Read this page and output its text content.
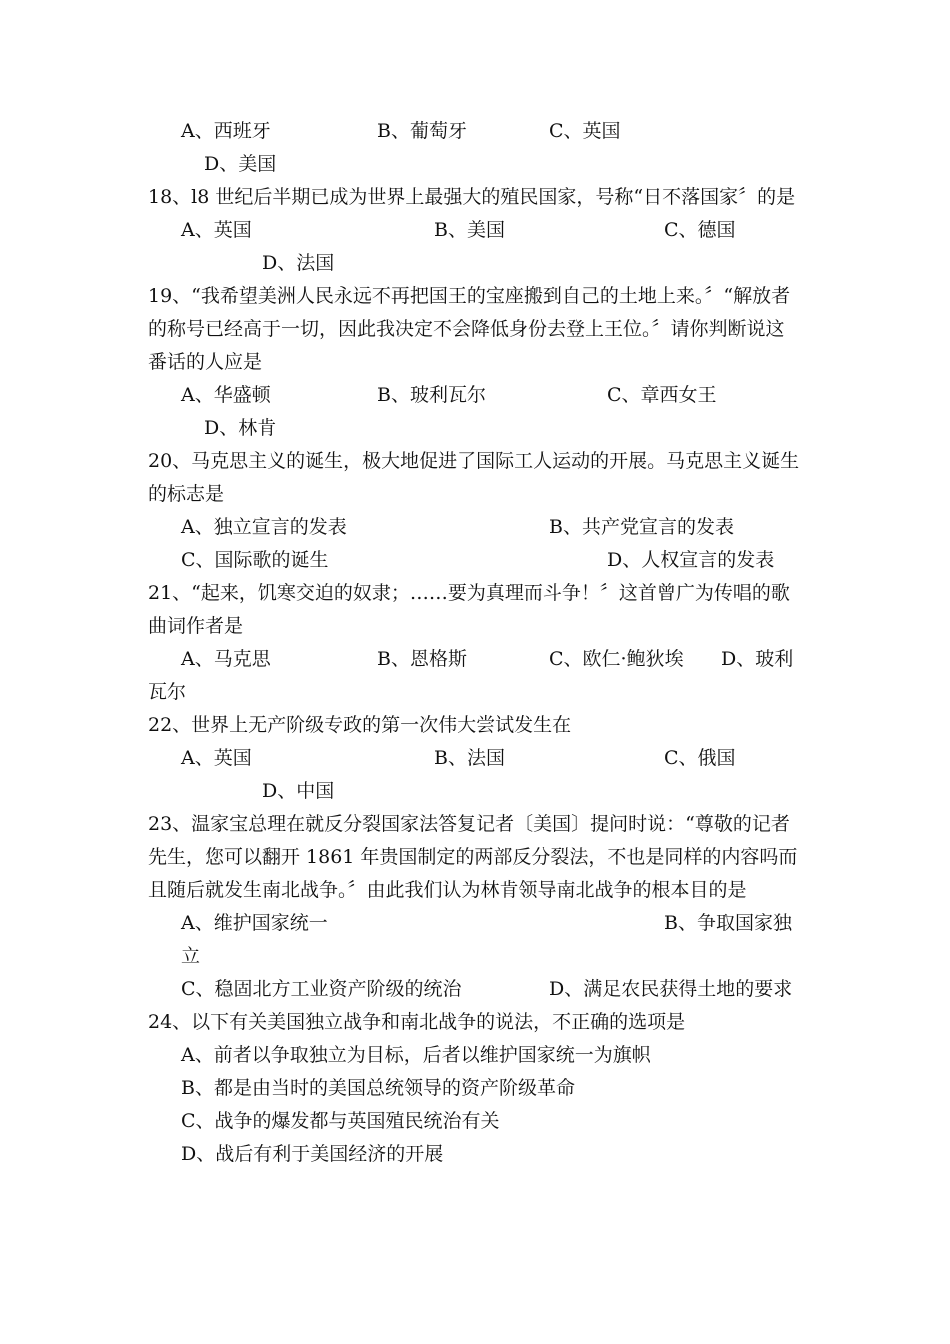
A、西班牙	B、葡萄牙	C、英国
D、美国
18、l8 世纪后半期已成为世界上最强大的殖民国家，号称“日不落国家〞的是
A、英国	B、美国	C、德国
D、法国
19、“我希望美洲人民永远不再把国王的宝座搬到自己的土地上来。〞“解放者
的称号已经高于一切，因此我决定不会降低身份去登上王位。〞请你判断说这
番话的人应是
A、华盛顿	B、玻利瓦尔	C、章西女王
D、林肯
20、马克思主义的诞生，极大地促进了国际工人运动的开展。马克思主义诞生
的标志是
A、独立宣言的发表	B、共产党宣言的发表
C、国际歌的诞生	D、人权宣言的发表
21、“起来，饥寒交迫的奴隶；……要为真理而斗争！〞这首曾广为传唱的歌
曲词作者是
A、马克思	B、恩格斯	C、欧仁·鲍狄埃 D、玻利
瓦尔
22、世界上无产阶级专政的第一次伟大尝试发生在
A、英国	B、法国	C、俄国
D、中国
23、温家宝总理在就反分裂国家法答复记者〔美国〕提问时说：“尊敬的记者
先生，您可以翻开 1861 年贵国制定的两部反分裂法，不也是同样的内容吗而
且随后就发生南北战争。〞由此我们认为林肯领导南北战争的根本目的是
A、维护国家统一	B、争取国家独
立
C、稳固北方工业资产阶级的统治	D、满足农民获得土地的要求
24、以下有关美国独立战争和南北战争的说法，不正确的选项是
A、前者以争取独立为目标，后者以维护国家统一为旗帜
B、都是由当时的美国总统领导的资产阶级革命
C、战争的爆发都与英国殖民统治有关
D、战后有利于美国经济的开展
